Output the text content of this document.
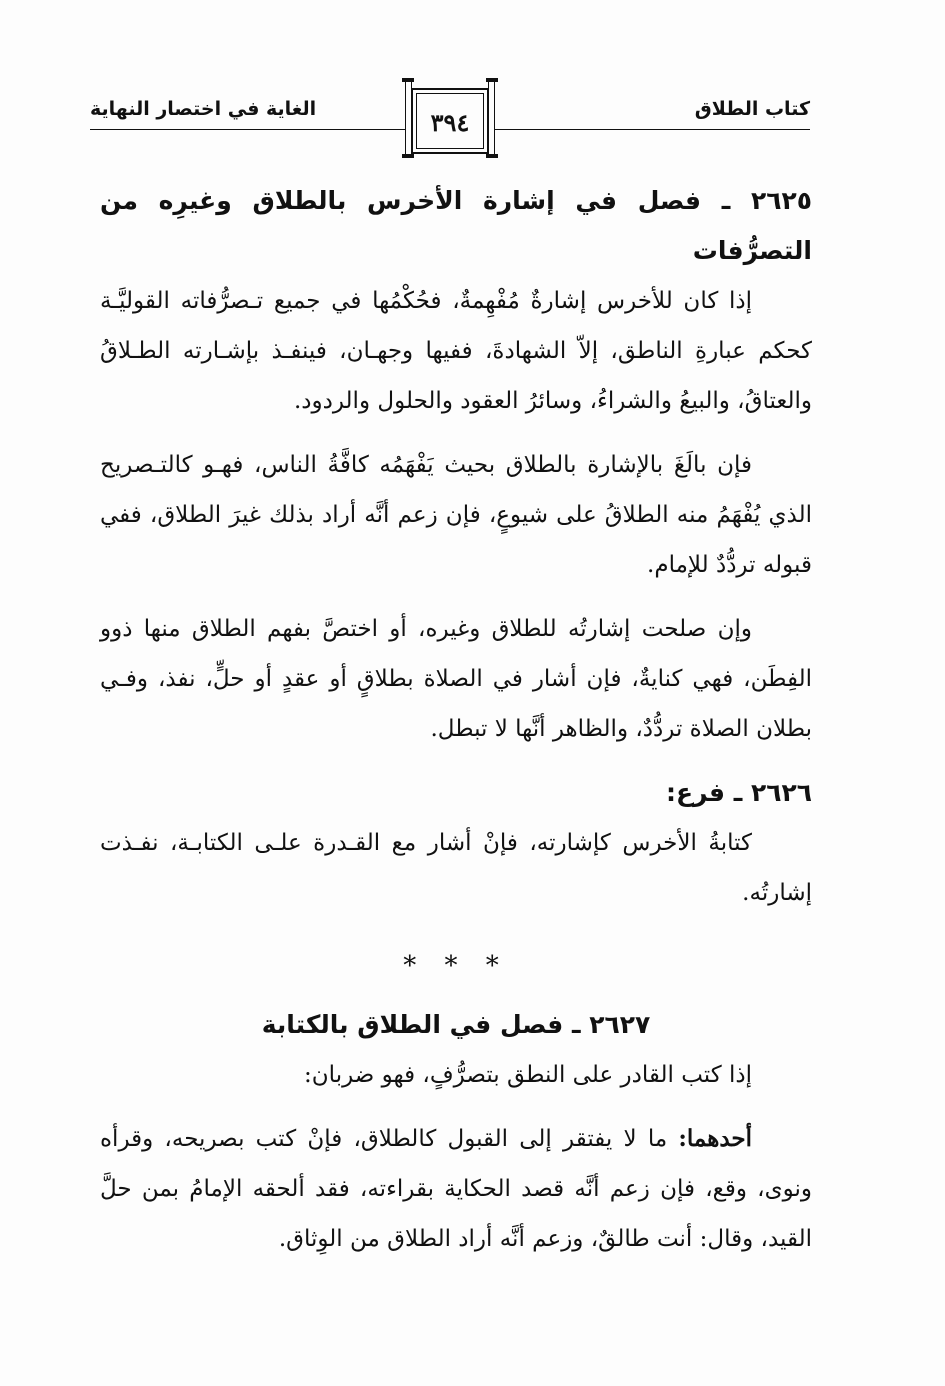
كتاب الطلاق
الغاية في اختصار النهاية	٣٩٤
٢٦٢٥ ـ فصل في إشارة الأخرس بالطلاق وغيرِه من التصرُّفات

إذا كان للأخرس إشارةٌ مُفْهِمةٌ، فحُكْمُها في جميع تـصرُّفاته القوليَّـة كحكم عبارةِ الناطق، إلاّ الشهادةَ، ففيها وجهـان، فينفـذ بإشـارته الطـلاقُ والعتاقُ، والبيعُ والشراءُ، وسائرُ العقود والحلول والردود.

فإن بالَغَ بالإشارة بالطلاق بحيث يَفْهَمُه كافَّةُ الناس، فهـو كالتـصريح الذي يُفْهَمُ منه الطلاقُ على شيوعٍ، فإن زعم أنَّه أراد بذلك غيرَ الطلاق، ففي قبوله تردُّدٌ للإمام.

وإن صلحت إشارتُه للطلاق وغيره، أو اختصَّ بفهم الطلاق منها ذوو الفِطَن، فهي كنايةٌ، فإن أشار في الصلاة بطلاقٍ أو عقدٍ أو حلٍّ، نفذ، وفـي بطلان الصلاة تردُّدٌ، والظاهر أنَّها لا تبطل.

٢٦٢٦ ـ فرع:

كتابةُ الأخرس كإشارته، فإنْ أشار مع القـدرة علـى الكتابـة، نفـذت إشارتُه.

* * *
٢٦٢٧ ـ فصل في الطلاق بالكتابة

إذا كتب القادر على النطق بتصرُّفٍ، فهو ضربان:

أحدهما: ما لا يفتقر إلى القبول كالطلاق، فإنْ كتب بصريحه، وقرأه ونوى، وقع، فإن زعم أنَّه قصد الحكاية بقراءته، فقد ألحقه الإمامُ بمن حلَّ القيد، وقال: أنت طالقٌ، وزعم أنَّه أراد الطلاق من الوِثاق.
